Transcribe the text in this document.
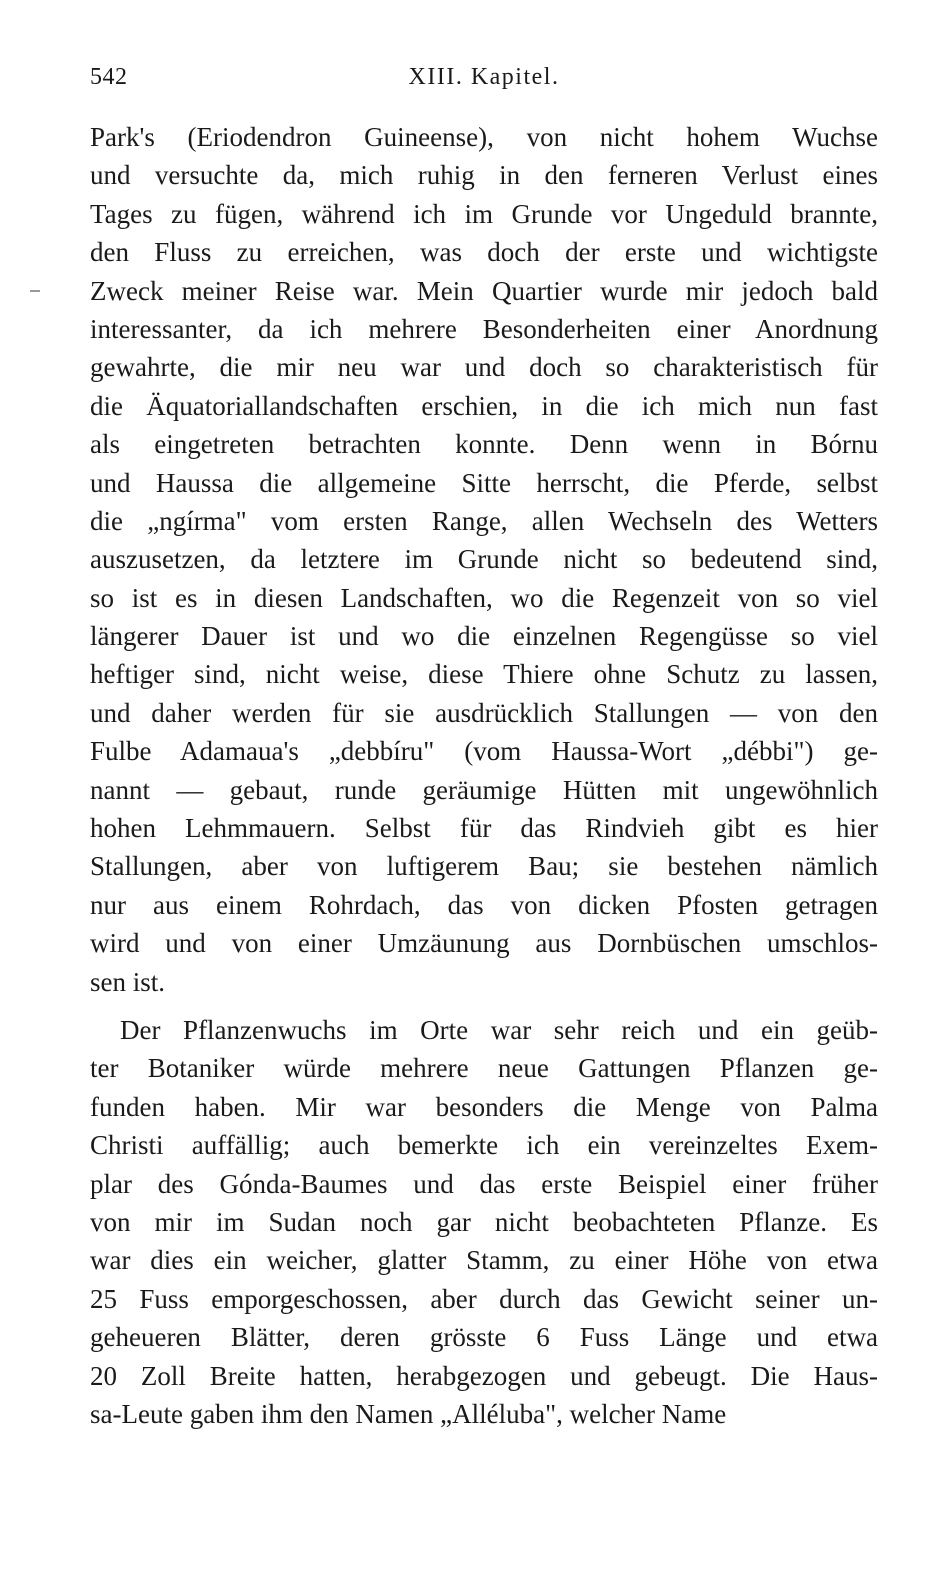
542	XIII. Kapitel.
Park's (Eriodendron Guineense), von nicht hohem Wuchse
und versuchte da, mich ruhig in den ferneren Verlust eines
Tages zu fügen, während ich im Grunde vor Ungeduld brannte,
den Fluss zu erreichen, was doch der erste und wichtigste
Zweck meiner Reise war. Mein Quartier wurde mir jedoch bald
interessanter, da ich mehrere Besonderheiten einer Anordnung
gewahrte, die mir neu war und doch so charakteristisch für
die Äquatoriallandschaften erschien, in die ich mich nun fast
als eingetreten betrachten konnte. Denn wenn in Bórnu
und Haussa die allgemeine Sitte herrscht, die Pferde, selbst
die „ngírma" vom ersten Range, allen Wechseln des Wetters
auszusetzen, da letztere im Grunde nicht so bedeutend sind,
so ist es in diesen Landschaften, wo die Regenzeit von so viel
längerer Dauer ist und wo die einzelnen Regengüsse so viel
heftiger sind, nicht weise, diese Thiere ohne Schutz zu lassen,
und daher werden für sie ausdrücklich Stallungen — von den
Fulbe Adamaua's „debbíru" (vom Haussa-Wort „débbi") ge-
nannt — gebaut, runde geräumige Hütten mit ungewöhnlich
hohen Lehmmauern. Selbst für das Rindvieh gibt es hier
Stallungen, aber von luftigerem Bau; sie bestehen nämlich
nur aus einem Rohrdach, das von dicken Pfosten getragen
wird und von einer Umzäunung aus Dornbüschen umschlos-
sen ist.
Der Pflanzenwuchs im Orte war sehr reich und ein geüb-
ter Botaniker würde mehrere neue Gattungen Pflanzen ge-
funden haben. Mir war besonders die Menge von Palma
Christi auffällig; auch bemerkte ich ein vereinzeltes Exem-
plar des Gónda-Baumes und das erste Beispiel einer früher
von mir im Sudan noch gar nicht beobachteten Pflanze. Es
war dies ein weicher, glatter Stamm, zu einer Höhe von etwa
25 Fuss emporgeschossen, aber durch das Gewicht seiner un-
geheueren Blätter, deren grösste 6 Fuss Länge und etwa
20 Zoll Breite hatten, herabgezogen und gebeugt. Die Haus-
sa-Leute gaben ihm den Namen „Alléluba", welcher Name
